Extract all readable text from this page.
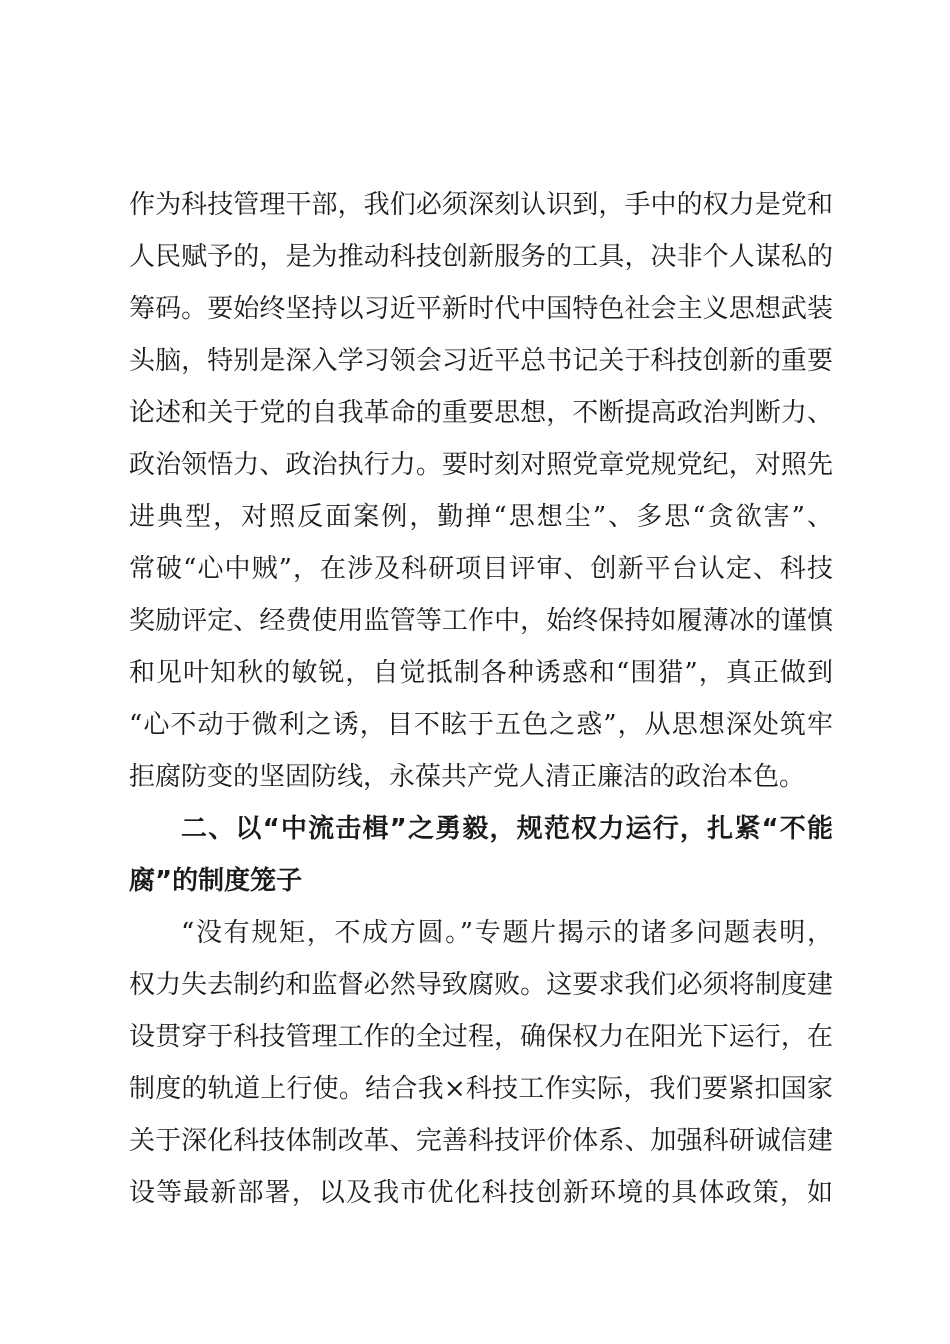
作为科技管理干部，我们必须深刻认识到，手中的权力是党和
人民赋予的，是为推动科技创新服务的工具，决非个人谋私的
筹码。要始终坚持以习近平新时代中国特色社会主义思想武装
头脑，特别是深入学习领会习近平总书记关于科技创新的重要
论述和关于党的自我革命的重要思想，不断提高政治判断力、
政治领悟力、政治执行力。要时刻对照党章党规党纪，对照先
进典型，对照反面案例，勤掸“思想尘”、多思“贪欲害”、
常破“心中贼”，在涉及科研项目评审、创新平台认定、科技
奖励评定、经费使用监管等工作中，始终保持如履薄冰的谨慎
和见叶知秋的敏锐，自觉抵制各种诱惑和“围猎”，真正做到
“心不动于微利之诱，目不眩于五色之惑”，从思想深处筑牢
拒腐防变的坚固防线，永葆共产党人清正廉洁的政治本色。
二、以“中流击楫”之勇毅，规范权力运行，扎紧“不能
腐”的制度笼子
“没有规矩，不成方圆。”专题片揭示的诸多问题表明，
权力失去制约和监督必然导致腐败。这要求我们必须将制度建
设贯穿于科技管理工作的全过程，确保权力在阳光下运行，在
制度的轨道上行使。结合我×科技工作实际，我们要紧扣国家
关于深化科技体制改革、完善科技评价体系、加强科研诚信建
设等最新部署，以及我市优化科技创新环境的具体政策，如
